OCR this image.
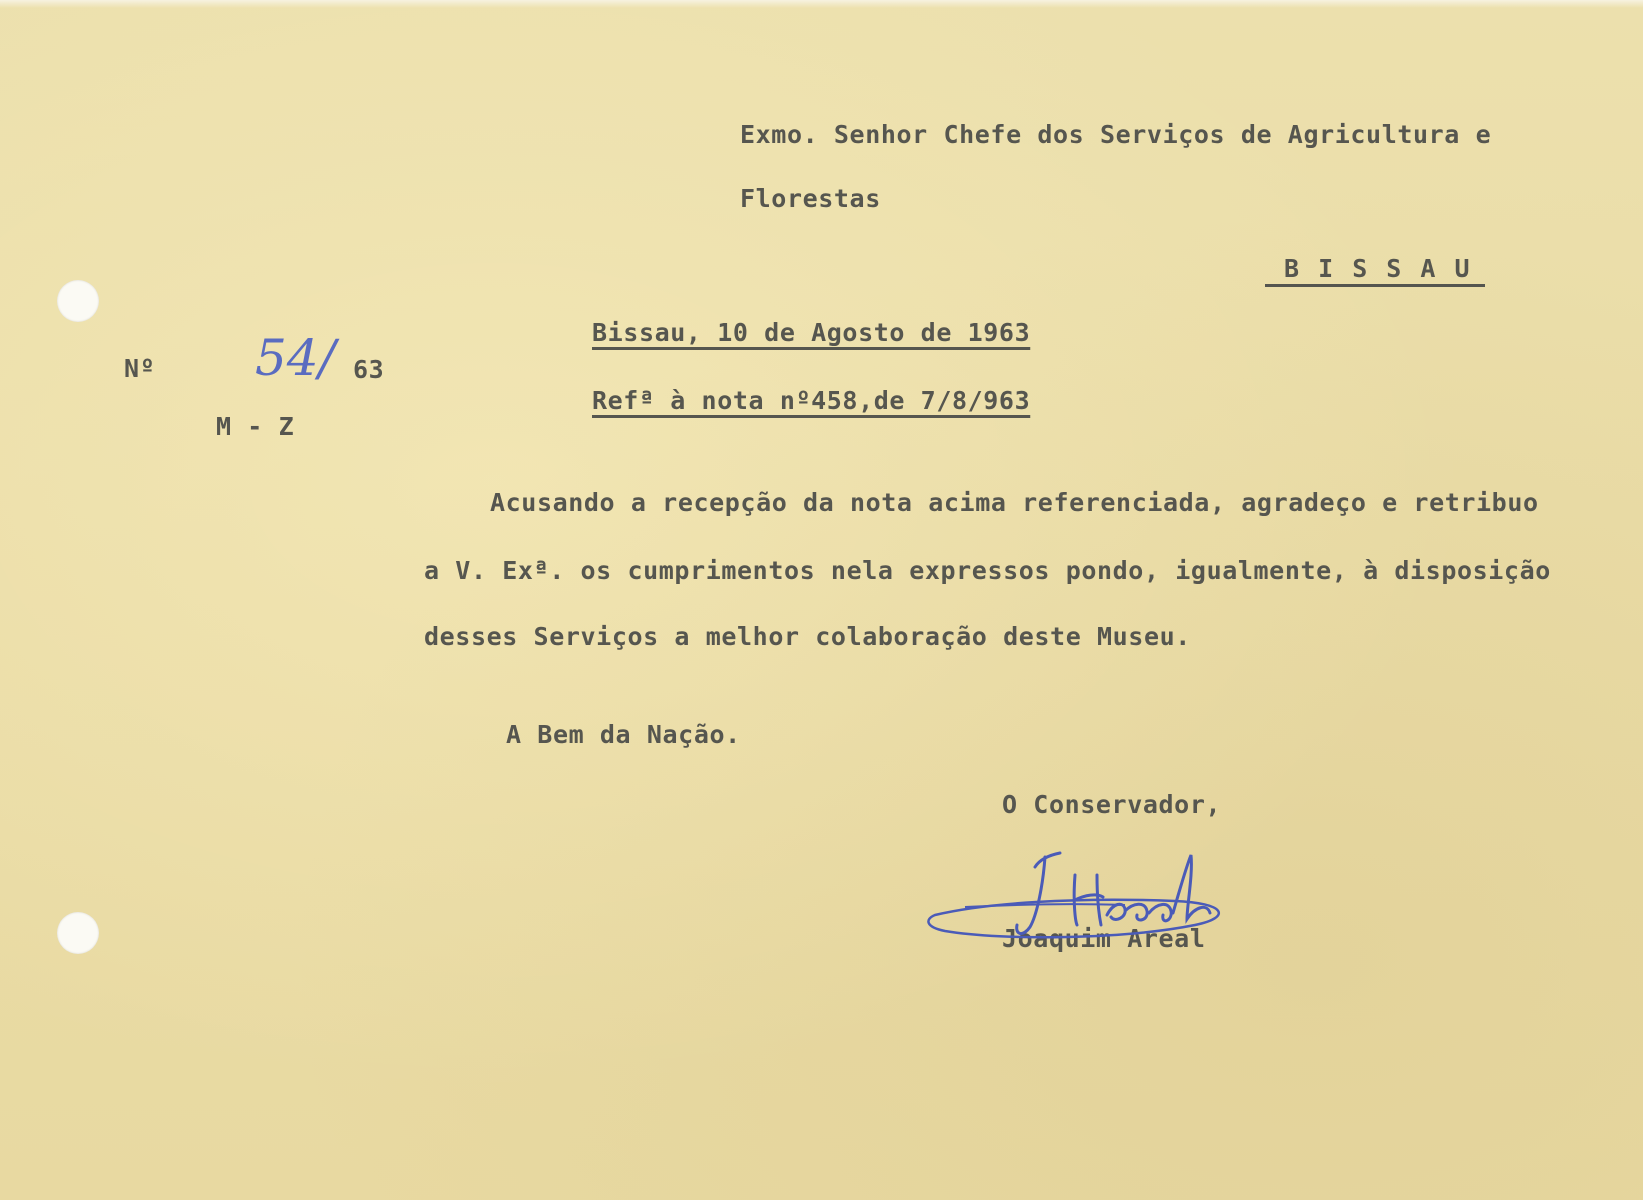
Exmo. Senhor Chefe dos Serviços de Agricultura e
Florestas
B I S S A U
Bissau, 10 de Agosto de 1963
Refª à nota nº458,de 7/8/963
Nº 54/ 63
M - Z
Acusando a recepção da nota acima referenciada, agradeço e retribuo
a V. Exª. os cumprimentos nela expressos pondo, igualmente, à disposição
desses Serviços a melhor colaboração deste Museu.
A Bem da Nação.
O Conservador,
Joaquim Areal
